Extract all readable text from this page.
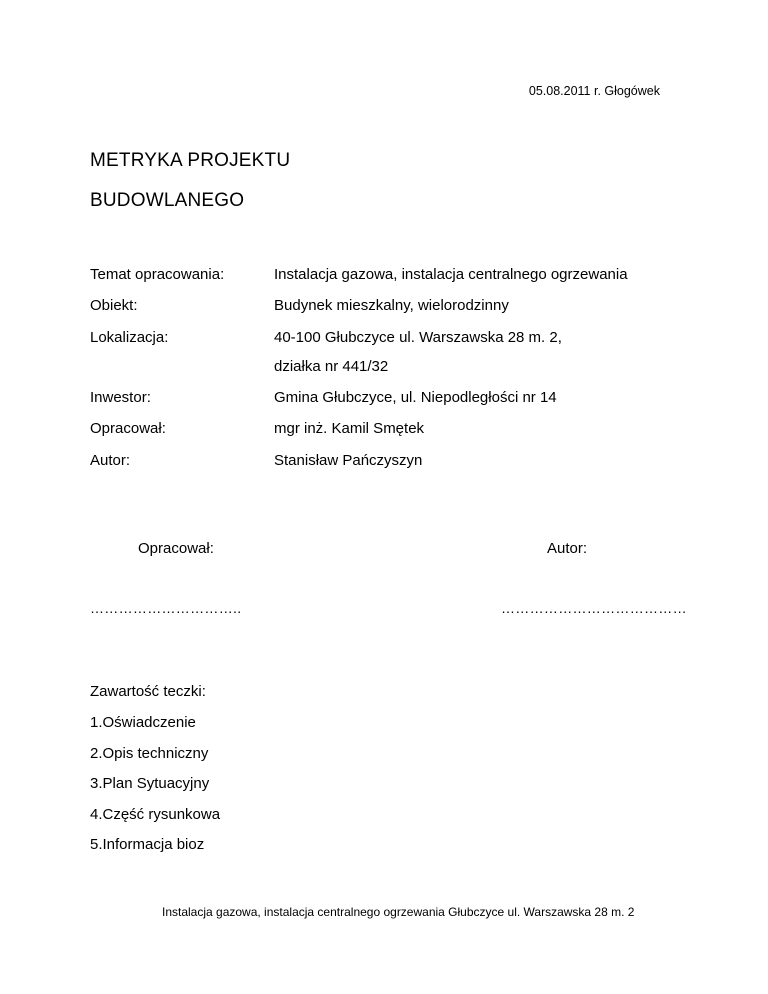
05.08.2011 r. Głogówek
METRYKA PROJEKTU
BUDOWLANEGO
Temat opracowania:	Instalacja gazowa, instalacja centralnego ogrzewania
Obiekt:	Budynek mieszkalny, wielorodzinny
Lokalizacja:	40-100 Głubczyce ul. Warszawska 28 m. 2,
działka nr 441/32
Inwestor:	Gmina Głubczyce, ul. Niepodległości nr 14
Opracował:	mgr inż. Kamil Smętek
Autor:	Stanisław Pańczyszyn
Opracował:	Autor:
…………………………..	…………………………………
Zawartość teczki:
1.Oświadczenie
2.Opis techniczny
3.Plan Sytuacyjny
4.Część rysunkowa
5.Informacja bioz
Instalacja gazowa, instalacja centralnego ogrzewania Głubczyce ul. Warszawska 28 m. 2
